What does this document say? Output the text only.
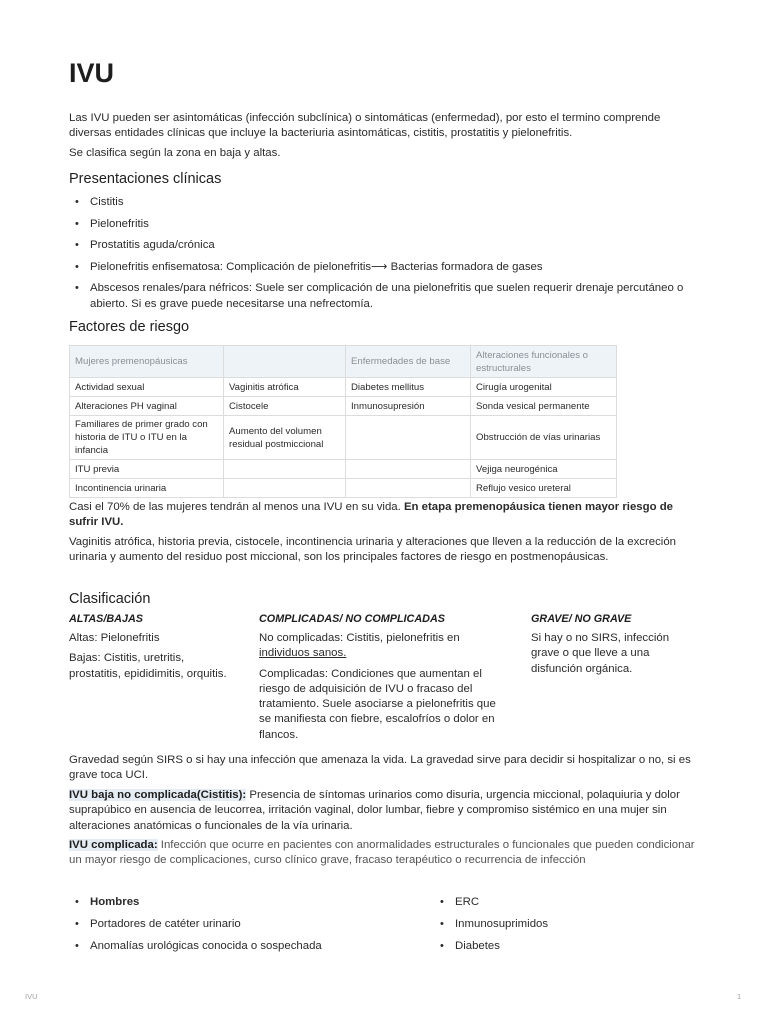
IVU

Las IVU pueden ser asintomáticas (infección subclínica) o sintomáticas (enfermedad), por esto el termino comprende diversas entidades clínicas que incluye la bacteriuria asintomáticas, cistitis, prostatitis y pielonefritis.

Se clasifica según la zona en baja y altas.

Presentaciones clínicas
• Cistitis
• Pielonefritis
• Prostatitis aguda/crónica
• Pielonefritis enfisematosa: Complicación de pielonefritis⟶ Bacterias formadora de gases
• Abscesos renales/para néfricos: Suele ser complicación de una pielonefritis que suelen requerir drenaje percutáneo o abierto. Si es grave puede necesitarse una nefrectomía.
Factores de riesgo
Mujeres premenopáusicas		Enfermedades de base	Alteraciones funcionales o estructurales
Actividad sexual	Vaginitis atrófica	Diabetes mellitus	Cirugía urogenital
Alteraciones PH vaginal	Cistocele	Inmunosupresión	Sonda vesical permanente
Familiares de primer grado con historia de ITU o ITU en la infancia	Aumento del volumen residual postmiccional		Obstrucción de vías urinarias
ITU previa			Vejiga neurogénica
Incontinencia urinaria			Reflujo vesico ureteral

Casi el 70% de las mujeres tendrán al menos una IVU en su vida. En etapa premenopáusica tienen mayor riesgo de sufrir IVU.

Vaginitis atrófica, historia previa, cistocele, incontinencia urinaria y alteraciones que lleven a la reducción de la excreción urinaria y aumento del residuo post miccional, son los principales factores de riesgo en postmenopáusicas.

Clasificación
ALTAS/BAJAS

Altas: Pielonefritis

Bajas: Cistitis, uretritis, prostatitis, epididimitis, orquitis.

COMPLICADAS/ NO COMPLICADAS

No complicadas: Cistitis, pielonefritis en
individuos sanos.

Complicadas: Condiciones que aumentan el riesgo de adquisición de IVU o fracaso del tratamiento. Suele asociarse a pielonefritis que se manifiesta con fiebre, escalofríos o dolor en flancos.

GRAVE/ NO GRAVE

Si hay o no SIRS, infección grave o que lleve a una disfunción orgánica.

Gravedad según SIRS o si hay una infección que amenaza la vida. La gravedad sirve para decidir si hospitalizar o no, si es grave toca UCI.

IVU baja no complicada(Cistitis): Presencia de síntomas urinarios como disuria, urgencia miccional, polaquiuria y dolor suprapúbico en ausencia de leucorrea, irritación vaginal, dolor lumbar, fiebre y compromiso sistémico en una mujer sin alteraciones anatómicas o funcionales de la vía urinaria.

IVU complicada: Infección que ocurre en pacientes con anormalidades estructurales o funcionales que pueden condicionar un mayor riesgo de complicaciones, curso clínico grave, fracaso terapéutico o recurrencia de infección

• Hombres
• Portadores de catéter urinario
• Anomalías urológicas conocida o sospechada
• ERC
• Inmunosuprimidos
• Diabetes
IVU	1
